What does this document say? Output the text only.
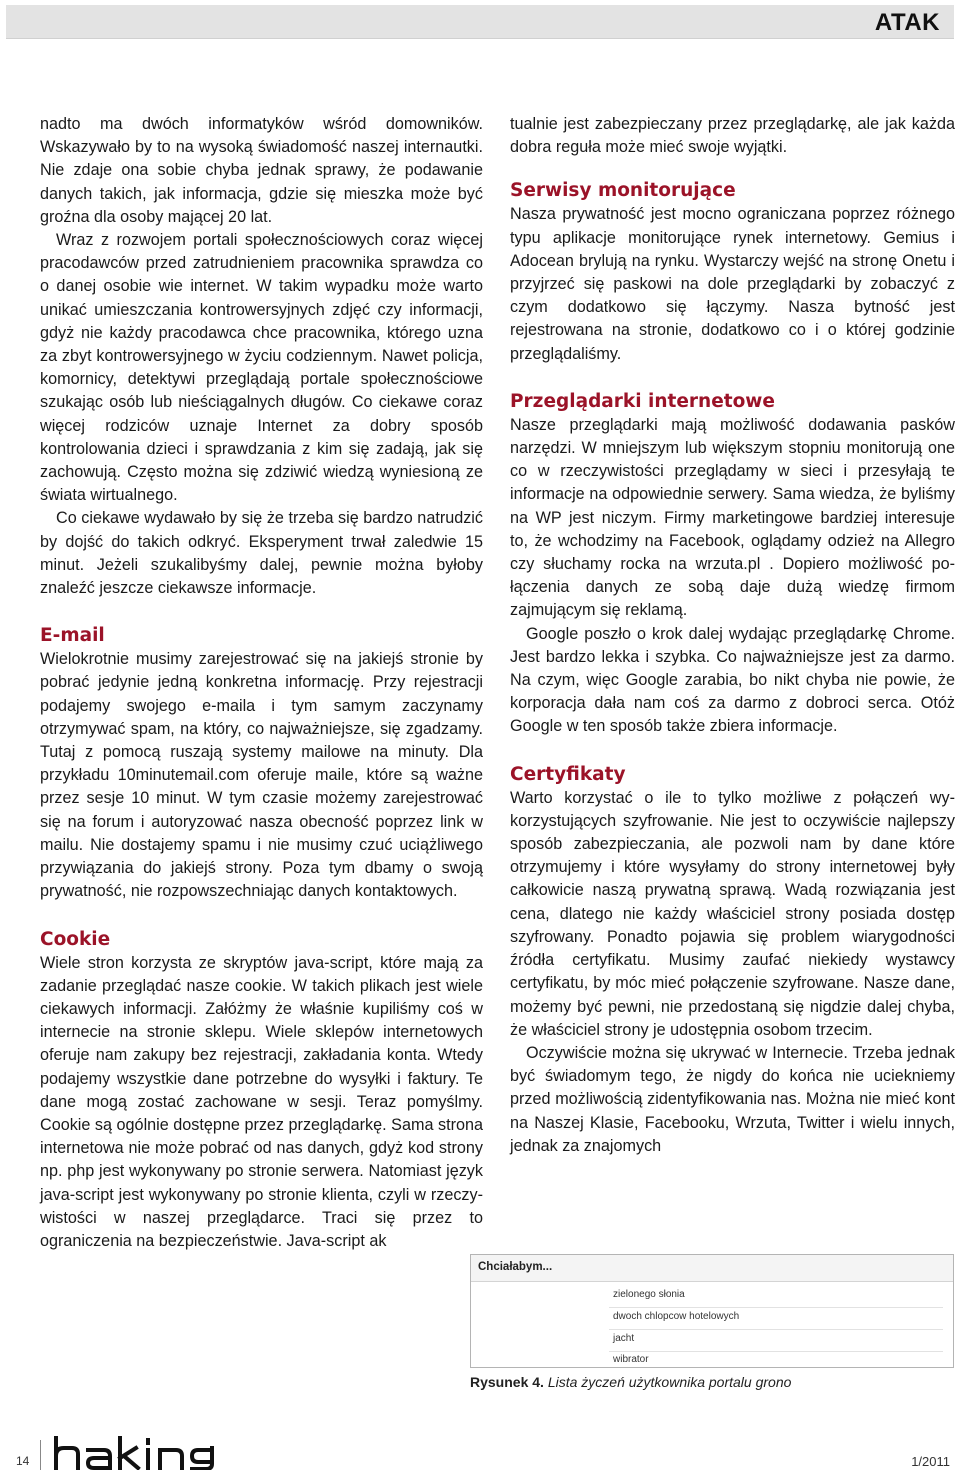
ATAK

nadto ma dwóch informatyków wśród domowników. Wskazywało by to na wysoką świadomość naszej internautki. Nie zdaje ona sobie chyba jednak sprawy, że podawanie danych takich, jak informacja, gdzie się mieszka może być groźna dla osoby mającej 20 lat.

Wraz z rozwojem portali społecznościowych coraz więcej pracodawców przed zatrudnieniem pracownika sprawdza co o danej osobie wie internet. W takim wypadku może warto unikać umieszczania kontrowersyjnych zdjęć czy informacji, gdyż nie każdy pracodawca chce pracownika, którego uzna za zbyt kontrowersyjnego w życiu codziennym. Nawet policja, komornicy, detektywi przeglądają portale społecznościowe szukając osób lub nieściągalnych długów. Co ciekawe coraz więcej rodziców uznaje Internet za dobry sposób kontrolowania dzieci i sprawdzania z kim się zadają, jak się zachowują. Często można się zdziwić wiedzą wyniesioną ze świata wirtualnego.

Co ciekawe wydawało by się że trzeba się bardzo natrudzić by dojść do takich odkryć. Eksperyment trwał zaledwie 15 minut. Jeżeli szukalibyśmy dalej, pewnie można byłoby znaleźć jeszcze ciekawsze informacje.

E-mail

Wielokrotnie musimy zarejestrować się na jakiejś stronie by pobrać jedynie jedną konkretna informację. Przy rejestracji podajemy swojego e-maila i tym samym zaczynamy otrzymywać spam, na który, co najważniejsze, się zgadzamy. Tutaj z pomocą ruszają systemy mailowe na minuty. Dla przykładu 10minutemail.com oferuje maile, które są ważne przez sesje 10 minut. W tym czasie możemy zarejestrować się na forum i autoryzować nasza obecność poprzez link w mailu. Nie dostajemy spamu i nie musimy czuć uciążliwego przywiązania do jakiejś strony. Poza tym dbamy o swoją prywatność, nie rozpowszechniając danych kontaktowych.

Cookie

Wiele stron korzysta ze skryptów java-script, które mają za zadanie przeglądać nasze cookie. W takich plikach jest wiele ciekawych informacji. Załóżmy że właśnie kupiliśmy coś w internecie na stronie sklepu. Wiele sklepów internetowych oferuje nam zakupy bez rejestracji, zakładania konta. Wtedy podajemy wszystkie dane potrzebne do wysyłki i faktury. Te dane mogą zostać zachowane w sesji. Teraz pomyślmy. Cookie są ogólnie dostępne przez przeglądarkę. Sama strona internetowa nie może pobrać od nas danych, gdyż kod strony np. php jest wykonywany po stronie serwera. Natomiast język java-script jest wykonywany po stronie klienta, czyli w rzeczywistości w naszej przeglądarce. Traci się przez to ograniczenia na bezpieczeństwie. Java-script ak

tualnie jest zabezpieczany przez przeglądarkę, ale jak każda dobra reguła może mieć swoje wyjątki.

Serwisy monitorujące

Nasza prywatność jest mocno ograniczana poprzez różnego typu aplikacje monitorujące rynek internetowy. Gemius i Adocean brylują na rynku. Wystarczy wejść na stronę Onetu i przyjrzeć się paskowi na dole przeglądarki by zobaczyć z czym dodatkowo się łączymy. Nasza bytność jest rejestrowana na stronie, dodatkowo co i o której godzinie przeglądaliśmy.

Przeglądarki internetowe

Nasze przeglądarki mają możliwość dodawania pasków narzędzi. W mniejszym lub większym stopniu monitorują one co w rzeczywistości przeglądamy w sieci i przesyłają te informacje na odpowiednie serwery. Sama wiedza, że byliśmy na WP jest niczym. Firmy marketingowe bardziej interesuje to, że wchodzimy na Facebook, oglądamy odzież na Allegro czy słuchamy rocka na wrzuta.pl . Dopiero możliwość połączenia danych ze sobą daje dużą wiedzę firmom zajmującym się reklamą.

Google poszło o krok dalej wydając przeglądarkę Chrome. Jest bardzo lekka i szybka. Co najważniejsze jest za darmo. Na czym, więc Google zarabia, bo nikt chyba nie powie, że korporacja dała nam coś za darmo z dobroci serca. Otóż Google w ten sposób także zbiera informacje.

Certyfikaty

Warto korzystać o ile to tylko możliwe z połączeń wykorzystujących szyfrowanie. Nie jest to oczywiście najlepszy sposób zabezpieczania, ale pozwoli nam by dane które otrzymujemy i które wysyłamy do strony internetowej były całkowicie naszą prywatną sprawą. Wadą rozwiązania jest cena, dlatego nie każdy właściciel strony posiada dostęp szyfrowany. Ponadto pojawia się problem wiarygodności źródła certyfikatu. Musimy zaufać niekiedy wystawcy certyfikatu, by móc mieć połączenie szyfrowane. Nasze dane, możemy być pewni, nie przedostaną się nigdzie dalej chyba, że właściciel strony je udostępnia osobom trzecim.

Oczywiście można się ukrywać w Internecie. Trzeba jednak być świadomym tego, że nigdy do końca nie uciekniemy przed możliwością zidentyfikowania nas. Można nie mieć kont na Naszej Klasie, Facebooku, Wrzuta, Twitter i wielu innych, jednak za znajomych

Chciałabym...
zielonego słonia
dwoch chlopcow hotelowych
jacht
wibrator
Rysunek 4. Lista życzeń użytkownika portalu grono
14	1/2011
